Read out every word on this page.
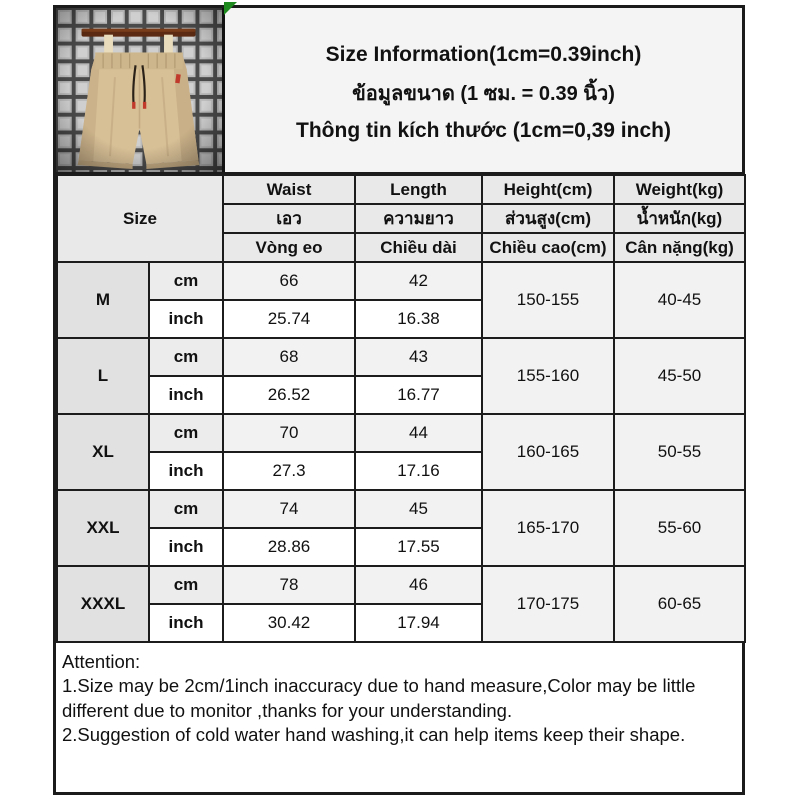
Size Information(1cm=0.39inch)
ข้อมูลขนาด (1 ซม. = 0.39 นิ้ว)
Thông tin kích thước (1cm=0,39 inch)
Size		Waist	Length	Height(cm)	Weight(kg)
		เอว	ความยาว	ส่วนสูง(cm)	น้ำหนัก(kg)
		Vòng eo	Chiều dài	Chiều cao(cm)	Cân nặng(kg)
M	cm	66	42	150-155	40-45
	inch	25.74	16.38		
L	cm	68	43	155-160	45-50
	inch	26.52	16.77		
XL	cm	70	44	160-165	50-55
	inch	27.3	17.16		
XXL	cm	74	45	165-170	55-60
	inch	28.86	17.55		
XXXL	cm	78	46	170-175	60-65
	inch	30.42	17.94		
Attention:
1.Size may be 2cm/1inch inaccuracy due to hand measure,Color may be little different due to monitor ,thanks for your understanding.
2.Suggestion of cold water hand washing,it can help items keep their shape.
